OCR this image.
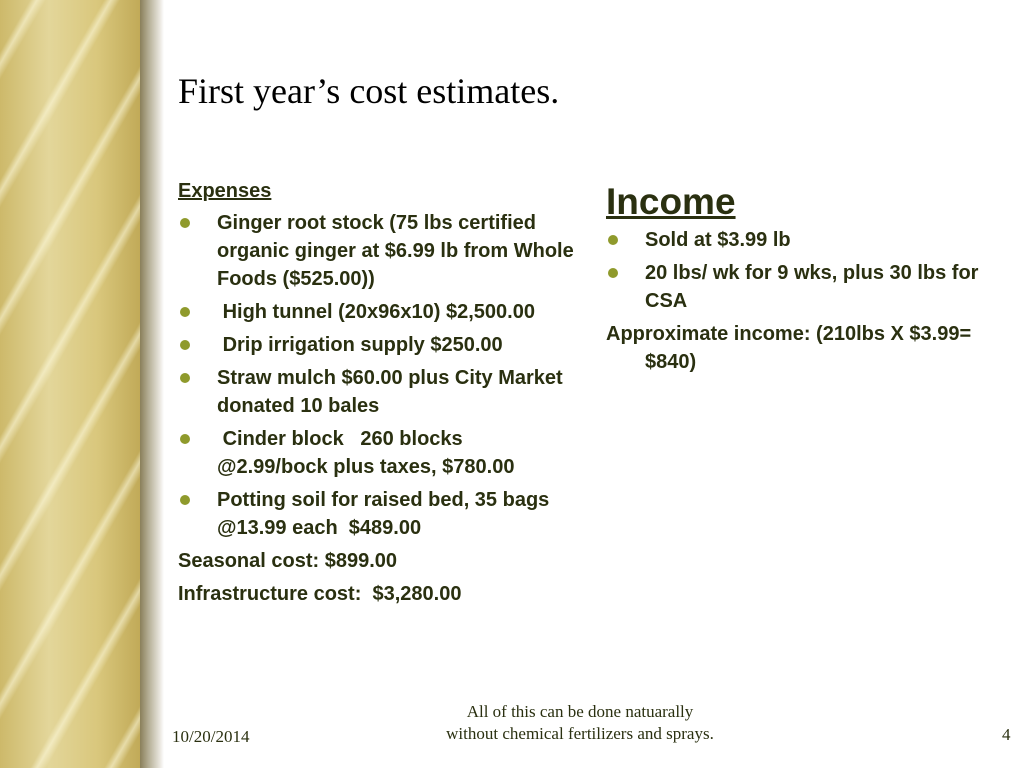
First year’s cost estimates.
Expenses
Ginger root stock (75 lbs certified organic ginger at $6.99 lb from Whole Foods ($525.00))
High tunnel (20x96x10) $2,500.00
Drip irrigation supply $250.00
Straw mulch $60.00 plus City Market donated 10 bales
Cinder block   260 blocks @2.99/bock plus taxes, $780.00
Potting soil for raised bed, 35 bags @13.99 each  $489.00
Seasonal cost: $899.00
Infrastructure cost:  $3,280.00
Income
Sold at $3.99 lb
20 lbs/ wk for 9 wks, plus 30 lbs for CSA
Approximate income: (210lbs X $3.99= $840)
10/20/2014
All of this can be done natuarally without chemical fertilizers and sprays.	4
